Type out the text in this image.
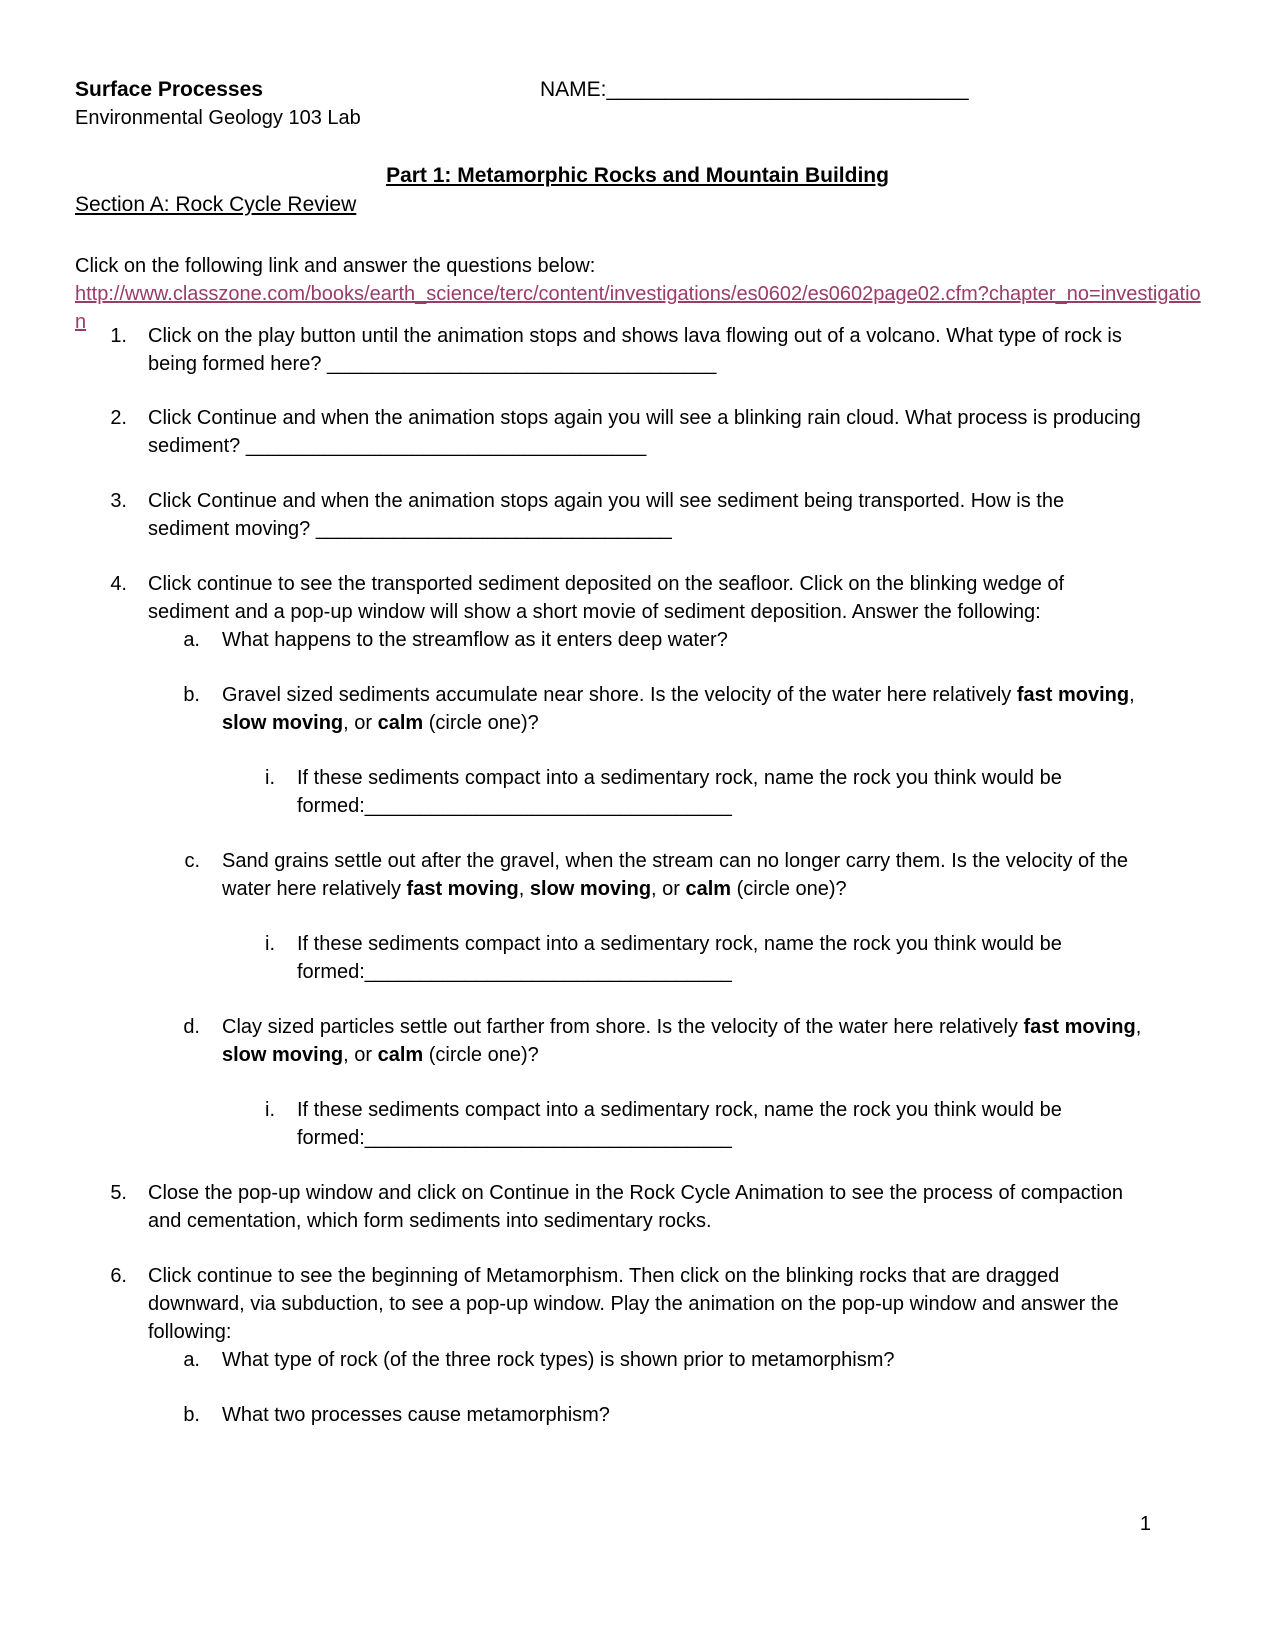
Surface Processes
Environmental Geology 103 Lab
NAME:_______________________________
Part 1: Metamorphic Rocks and Mountain Building
Section A: Rock Cycle Review
Click on the following link and answer the questions below:
http://www.classzone.com/books/earth_science/terc/content/investigations/es0602/es0602page02.cfm?chapter_no=investigation
1. Click on the play button until the animation stops and shows lava flowing out of a volcano. What type of rock is
being formed here? ___________________________________
2. Click Continue and when the animation stops again you will see a blinking rain cloud. What process is producing
sediment? ____________________________________
3. Click Continue and when the animation stops again you will see sediment being transported. How is the
sediment moving? ________________________________
4. Click continue to see the transported sediment deposited on the seafloor. Click on the blinking wedge of
sediment and a pop-up window will show a short movie of sediment deposition. Answer the following:
a. What happens to the streamflow as it enters deep water?
b. Gravel sized sediments accumulate near shore. Is the velocity of the water here relatively fast moving,
slow moving, or calm (circle one)?
i. If these sediments compact into a sedimentary rock, name the rock you think would be
formed:_________________________________
c. Sand grains settle out after the gravel, when the stream can no longer carry them. Is the velocity of the
water here relatively fast moving, slow moving, or calm (circle one)?
i. If these sediments compact into a sedimentary rock, name the rock you think would be
formed:_________________________________
d. Clay sized particles settle out farther from shore. Is the velocity of the water here relatively fast moving,
slow moving, or calm (circle one)?
i. If these sediments compact into a sedimentary rock, name the rock you think would be
formed:_________________________________
5. Close the pop-up window and click on Continue in the Rock Cycle Animation to see the process of compaction
and cementation, which form sediments into sedimentary rocks.
6. Click continue to see the beginning of Metamorphism. Then click on the blinking rocks that are dragged
downward, via subduction, to see a pop-up window. Play the animation on the pop-up window and answer the
following:
a. What type of rock (of the three rock types) is shown prior to metamorphism?
b. What two processes cause metamorphism?
1
